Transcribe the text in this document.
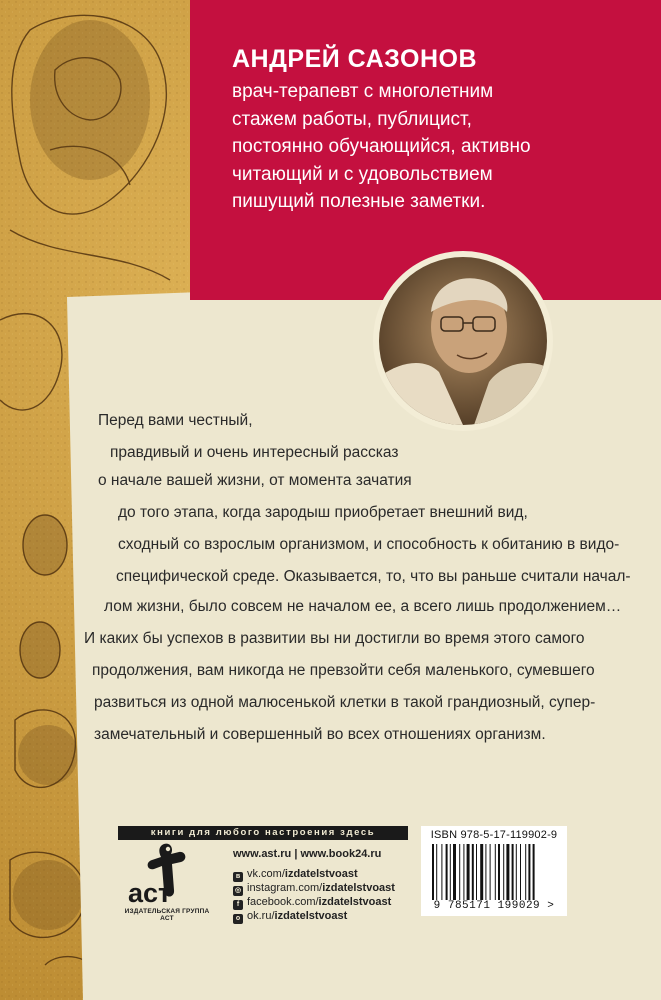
АНДРЕЙ САЗОНОВ

врач-терапевт с многолетним
стажем работы, публицист,
постоянно обучающийся, активно
читающий и с удовольствием
пишущий полезные заметки.

Перед вами честный,
правдивый и очень интересный рассказ
о начале вашей жизни, от момента зачатия
до того этапа, когда зародыш приобретает внешний вид,
сходный со взрослым организмом, и способность к обитанию в видо-
специфической среде. Оказывается, то, что вы раньше считали начал-
лом жизни, было совсем не началом ее, а всего лишь продолжением…
И каких бы успехов в развитии вы ни достигли во время этого самого
продолжения, вам никогда не превзойти себя маленького, сумевшего
развиться из одной малюсенькой клетки в такой грандиозный, супер-
замечательный и совершенный во всех отношениях организм.
книги для любого настроения здесь
аст
ИЗДАТЕЛЬСКАЯ ГРУППА АСТ
www.ast.ru | www.book24.ru
в vk.com/izdatelstvoast
◎ instagram.com/izdatelstvoast
f facebook.com/izdatelstvoast
о ok.ru/izdatelstvoast
ISBN 978-5-17-119902-9
9 785171 199029 >
